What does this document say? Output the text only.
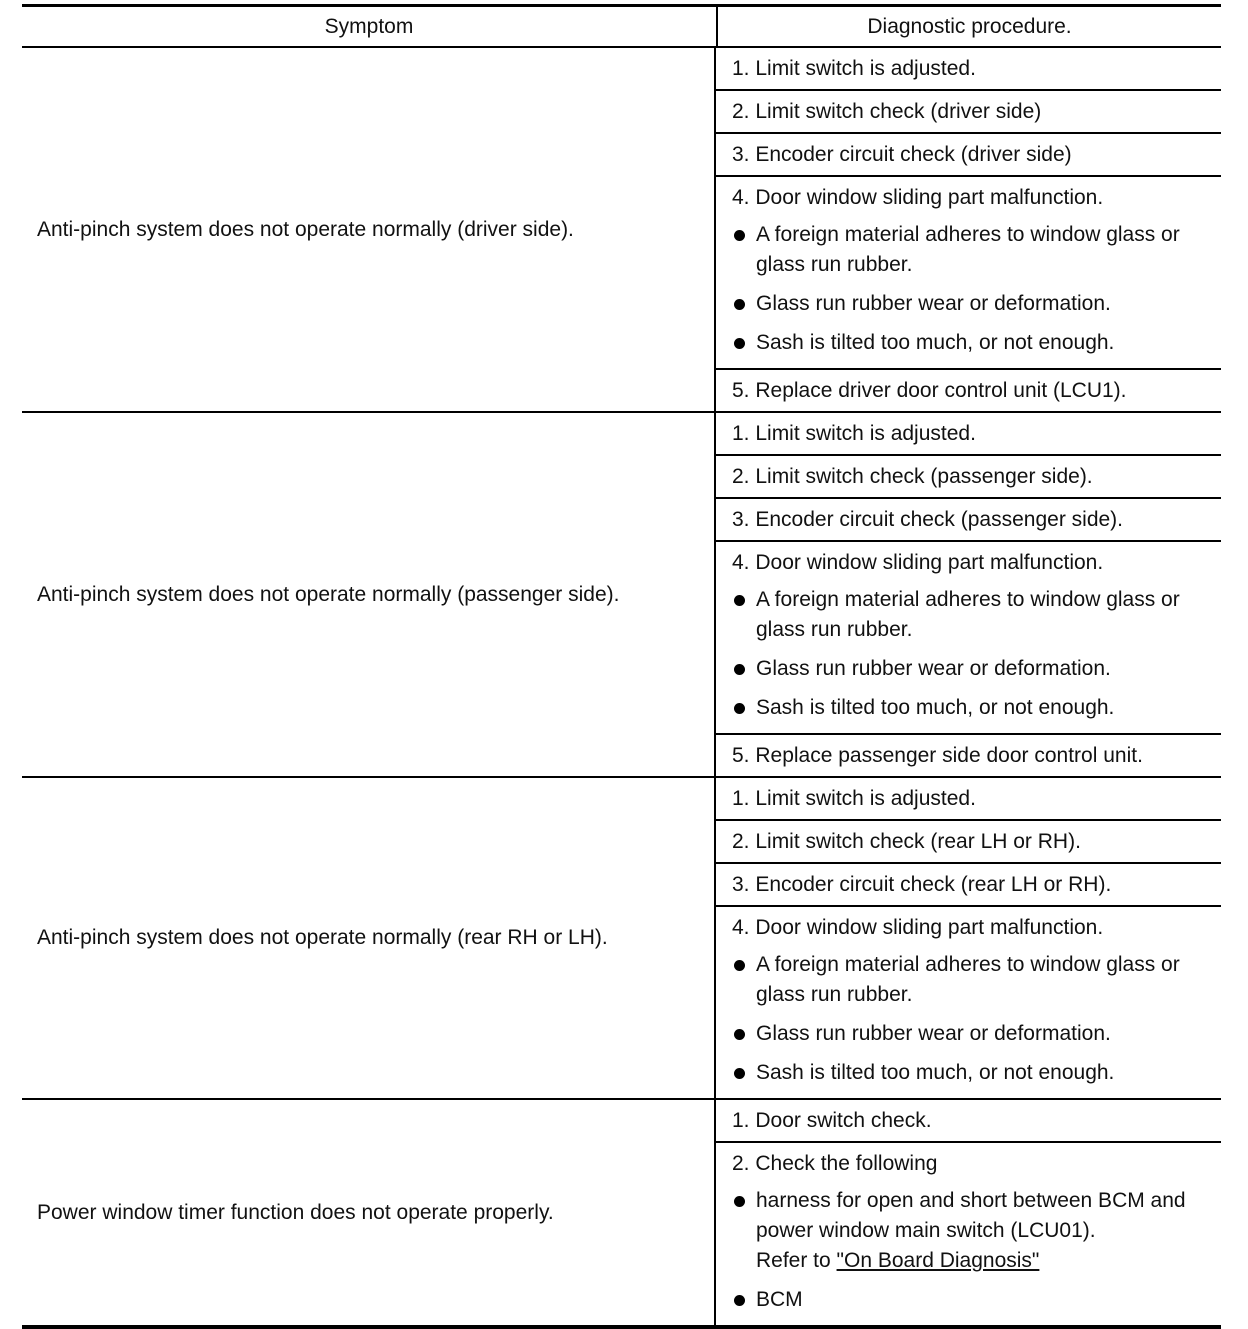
Symptom	Diagnostic procedure.
Anti-pinch system does not operate normally (driver side).
1. Limit switch is adjusted.
2. Limit switch check (driver side)
3. Encoder circuit check (driver side)
4. Door window sliding part malfunction.
A foreign material adheres to window glass or glass run rubber.
Glass run rubber wear or deformation.
Sash is tilted too much, or not enough.
5. Replace driver door control unit (LCU1).
Anti-pinch system does not operate normally (passenger side).
1. Limit switch is adjusted.
2. Limit switch check (passenger side).
3. Encoder circuit check (passenger side).
4. Door window sliding part malfunction.
A foreign material adheres to window glass or glass run rubber.
Glass run rubber wear or deformation.
Sash is tilted too much, or not enough.
5. Replace passenger side door control unit.
Anti-pinch system does not operate normally (rear RH or LH).
1. Limit switch is adjusted.
2. Limit switch check (rear LH or RH).
3. Encoder circuit check (rear LH or RH).
4. Door window sliding part malfunction.
A foreign material adheres to window glass or glass run rubber.
Glass run rubber wear or deformation.
Sash is tilted too much, or not enough.
Power window timer function does not operate properly.
1. Door switch check.
2. Check the following
harness for open and short between BCM and power window main switch (LCU01).
Refer to "On Board Diagnosis"
BCM
